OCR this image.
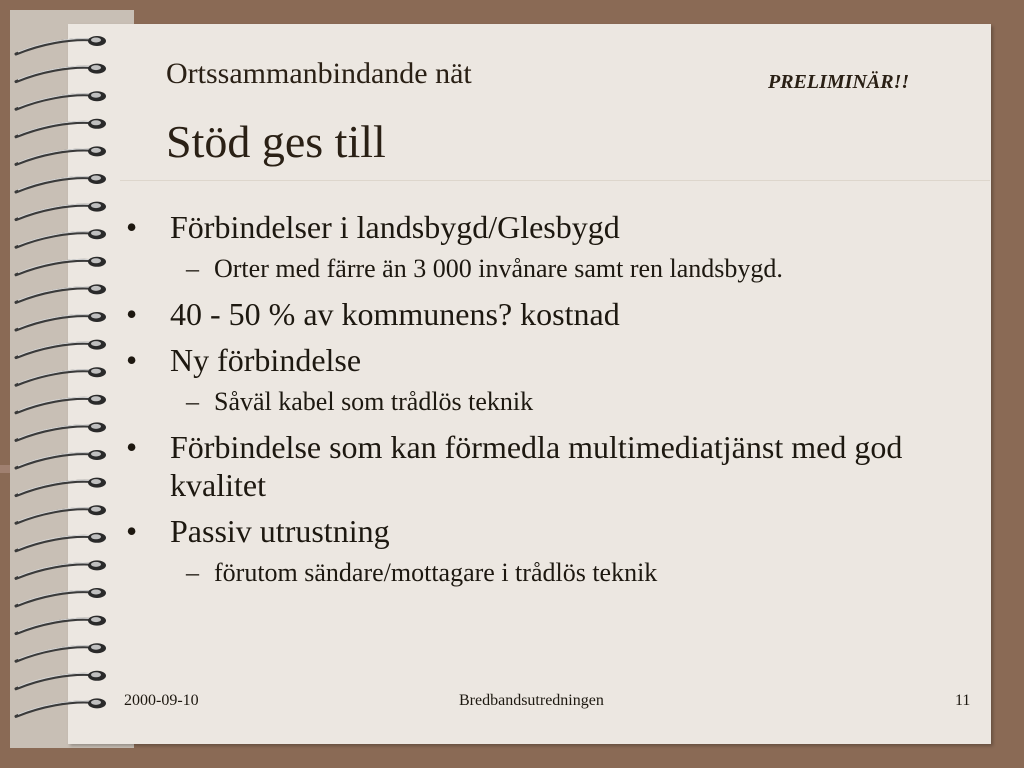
Ortssammanbindande nät	PRELIMINÄR!!
Stöd ges till
• Förbindelser i landsbygd/Glesbygd
– Orter med färre än 3 000 invånare samt ren landsbygd.
• 40 - 50 % av kommunens? kostnad
• Ny förbindelse
– Såväl kabel som trådlös teknik
• Förbindelse som kan förmedla multimediatjänst med god kvalitet
• Passiv utrustning
– förutom sändare/mottagare i trådlös teknik
2000-09-10	Bredbandsutredningen	11
